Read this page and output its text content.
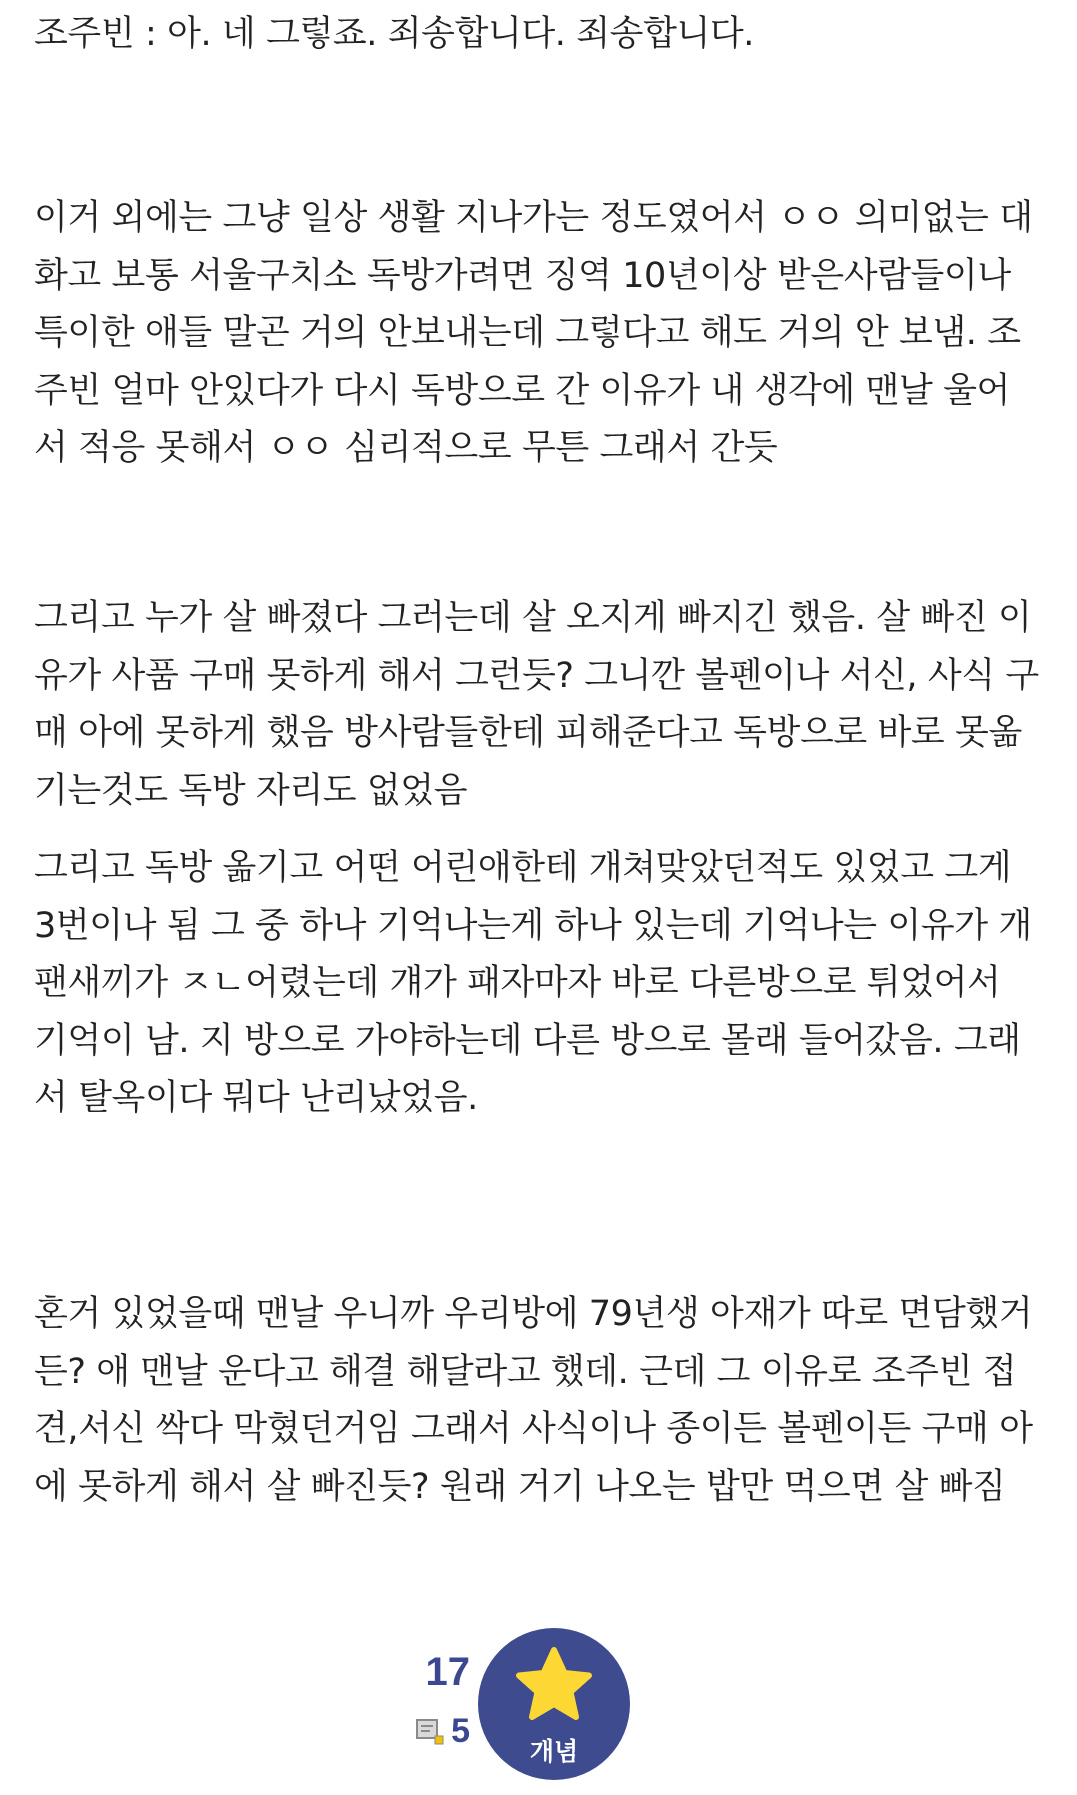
조주빈 : 아. 네 그렇죠. 죄송합니다. 죄송합니다.
이거 외에는 그냥 일상 생활 지나가는 정도였어서 ㅇㅇ 의미없는 대
화고 보통 서울구치소 독방가려면 징역 10년이상 받은사람들이나
특이한 애들 말곤 거의 안보내는데 그렇다고 해도 거의 안 보냄. 조
주빈 얼마 안있다가 다시 독방으로 간 이유가 내 생각에 맨날 울어
서 적응 못해서 ㅇㅇ 심리적으로 무튼 그래서 간듯
그리고 누가 살 빠졌다 그러는데 살 오지게 빠지긴 했음. 살 빠진 이
유가 사품 구매 못하게 해서 그런듯? 그니깐 볼펜이나 서신, 사식 구
매 아에 못하게 했음 방사람들한테 피해준다고 독방으로 바로 못옮
기는것도 독방 자리도 없었음
그리고 독방 옮기고 어떤 어린애한테 개쳐맞았던적도 있었고 그게
3번이나 됨 그 중 하나 기억나는게 하나 있는데 기억나는 이유가 개
팬새끼가 ㅈㄴ어렸는데 걔가 패자마자 바로 다른방으로 튀었어서
기억이 남. 지 방으로 가야하는데 다른 방으로 몰래 들어갔음. 그래
서 탈옥이다 뭐다 난리났었음.
혼거 있었을때 맨날 우니까 우리방에 79년생 아재가 따로 면담했거
든? 애 맨날 운다고 해결 해달라고 했데. 근데 그 이유로 조주빈 접
견,서신 싹다 막혔던거임 그래서 사식이나 종이든 볼펜이든 구매 아
에 못하게 해서 살 빠진듯? 원래 거기 나오는 밥만 먹으면 살 빠짐
17
5
개념
